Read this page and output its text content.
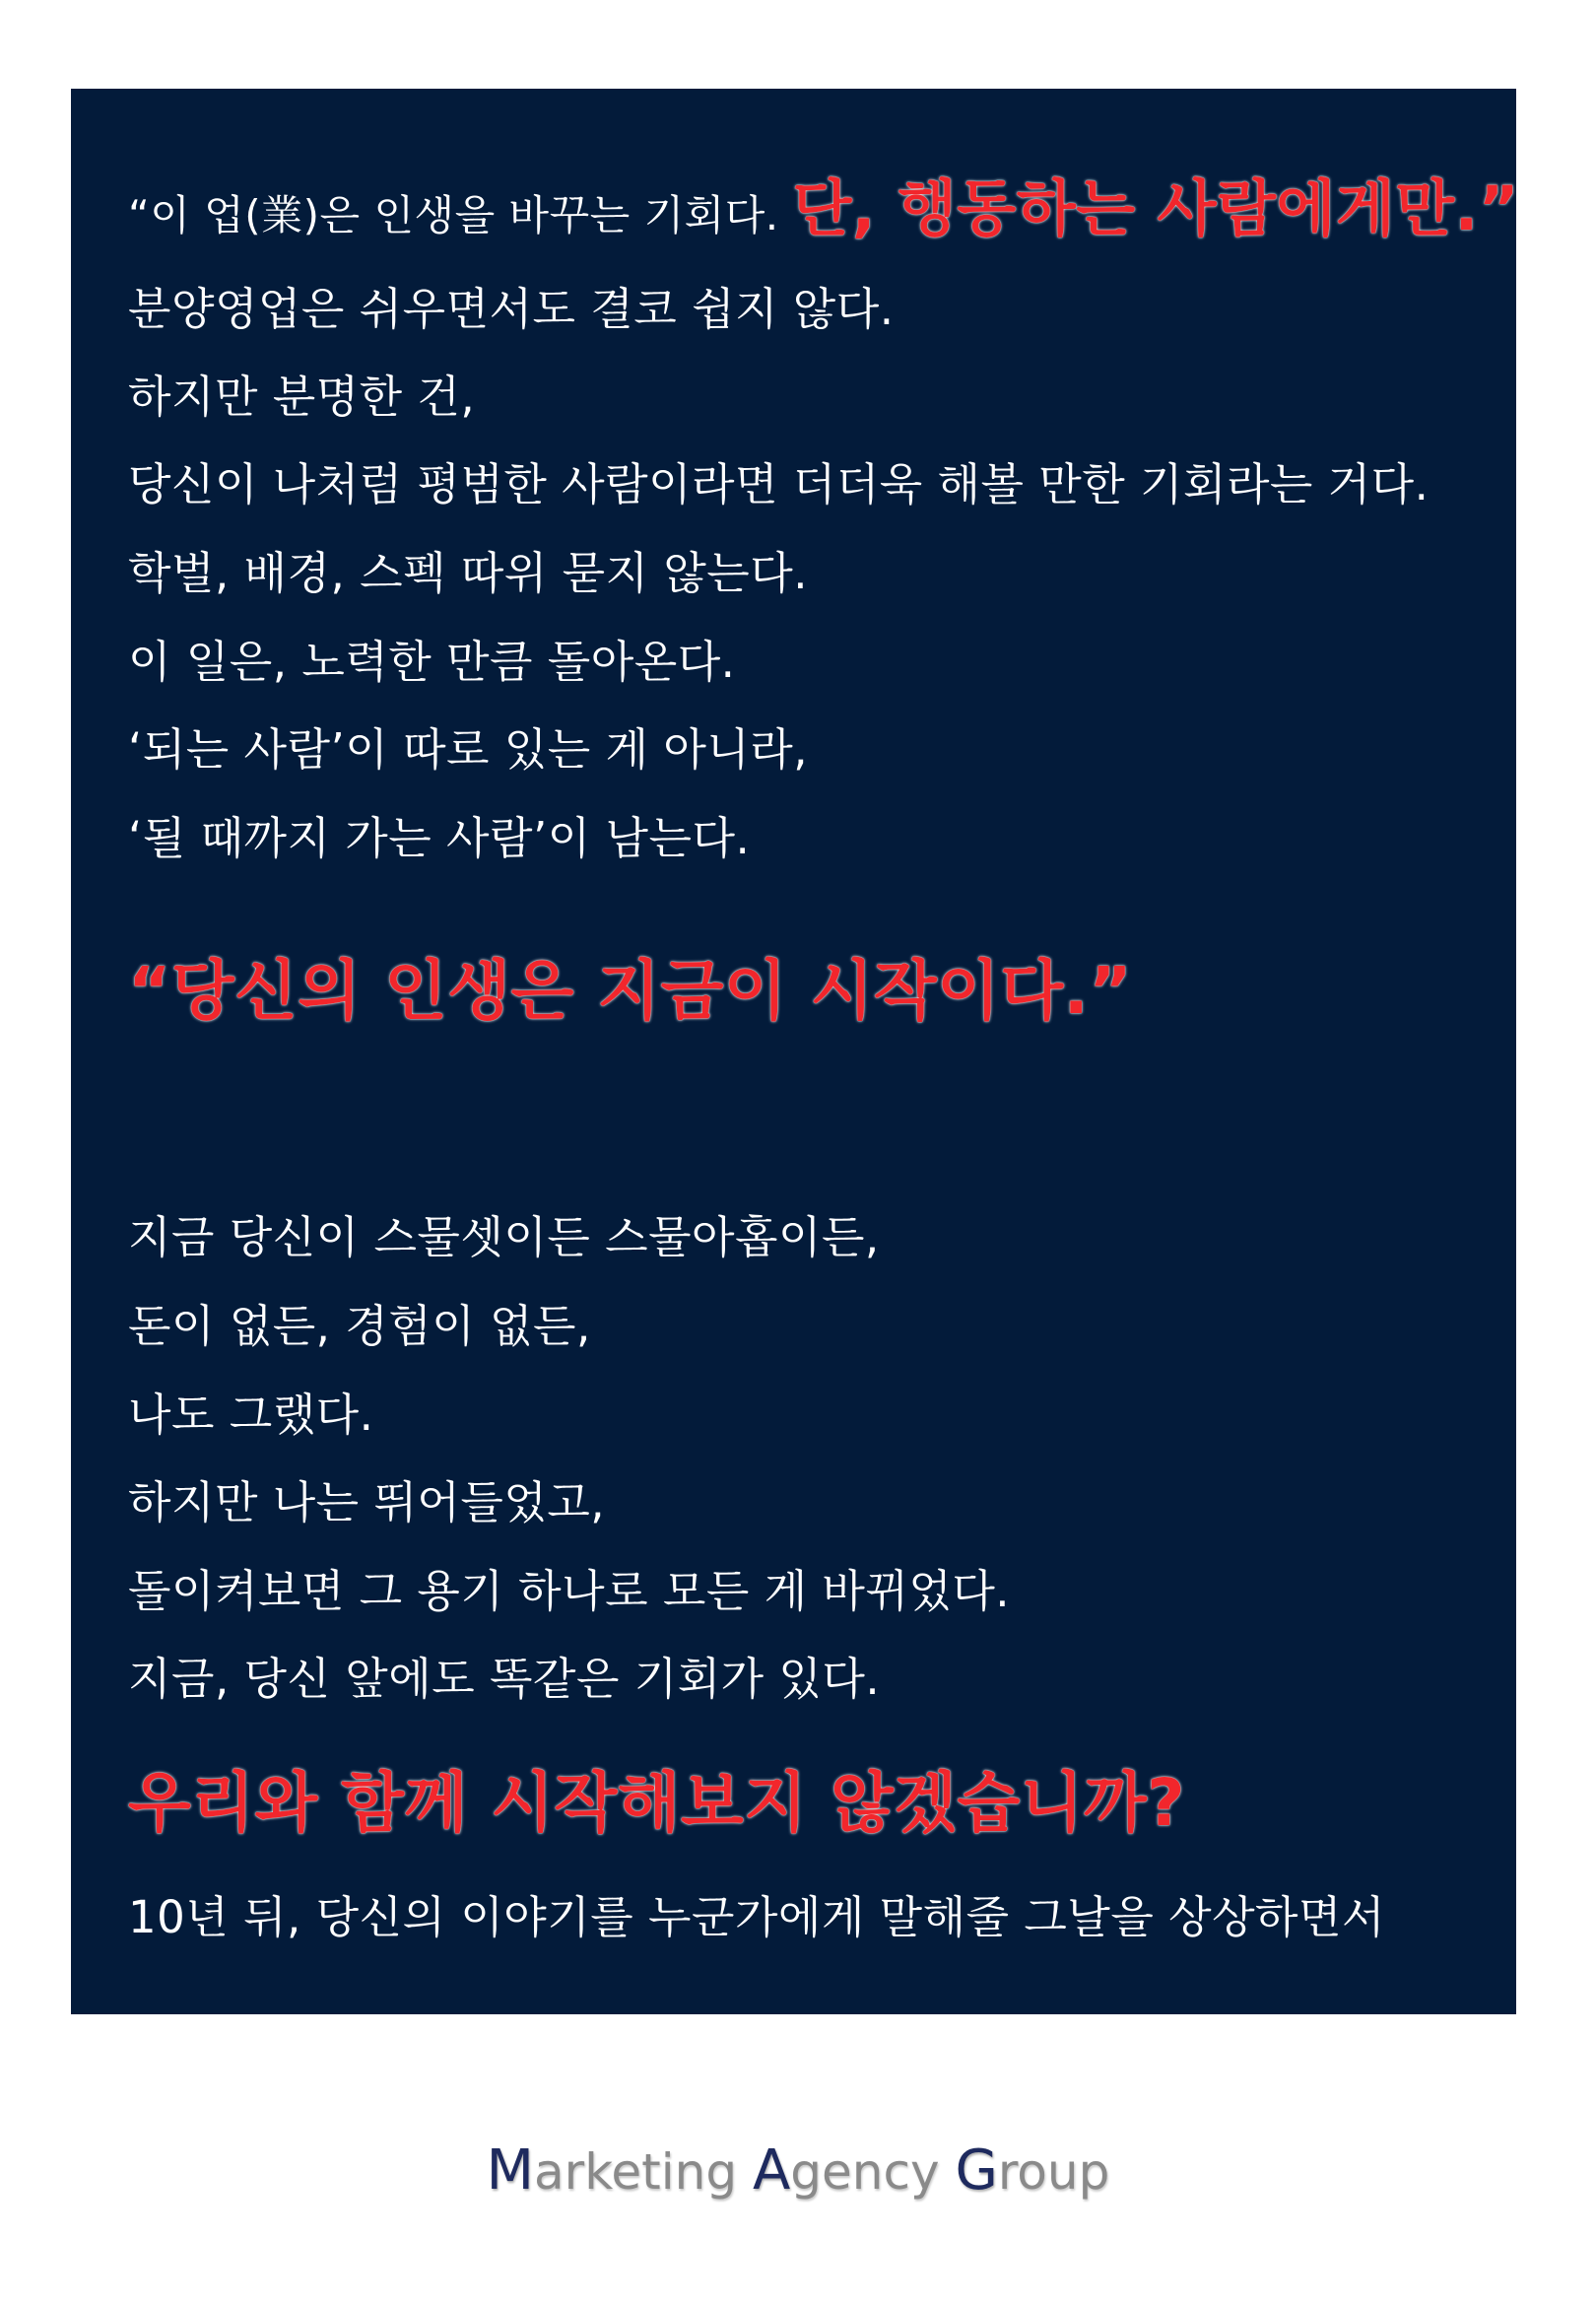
“이 업(業)은 인생을 바꾸는 기회다. 단, 행동하는 사람에게만.”
분양영업은 쉬우면서도 결코 쉽지 않다.
하지만 분명한 건,
당신이 나처럼 평범한 사람이라면 더더욱 해볼 만한 기회라는 거다.
학벌, 배경, 스펙 따위 묻지 않는다.
이 일은, 노력한 만큼 돌아온다.
‘되는 사람’이 따로 있는 게 아니라,
‘될 때까지 가는 사람’이 남는다.
“당신의 인생은 지금이 시작이다.”
지금 당신이 스물셋이든 스물아홉이든,
돈이 없든, 경험이 없든,
나도 그랬다.
하지만 나는 뛰어들었고,
돌이켜보면 그 용기 하나로 모든 게 바뀌었다.
지금, 당신 앞에도 똑같은 기회가 있다.
우리와 함께 시작해보지 않겠습니까?
10년 뒤, 당신의 이야기를 누군가에게 말해줄 그날을 상상하면서
Marketing Agency Group
